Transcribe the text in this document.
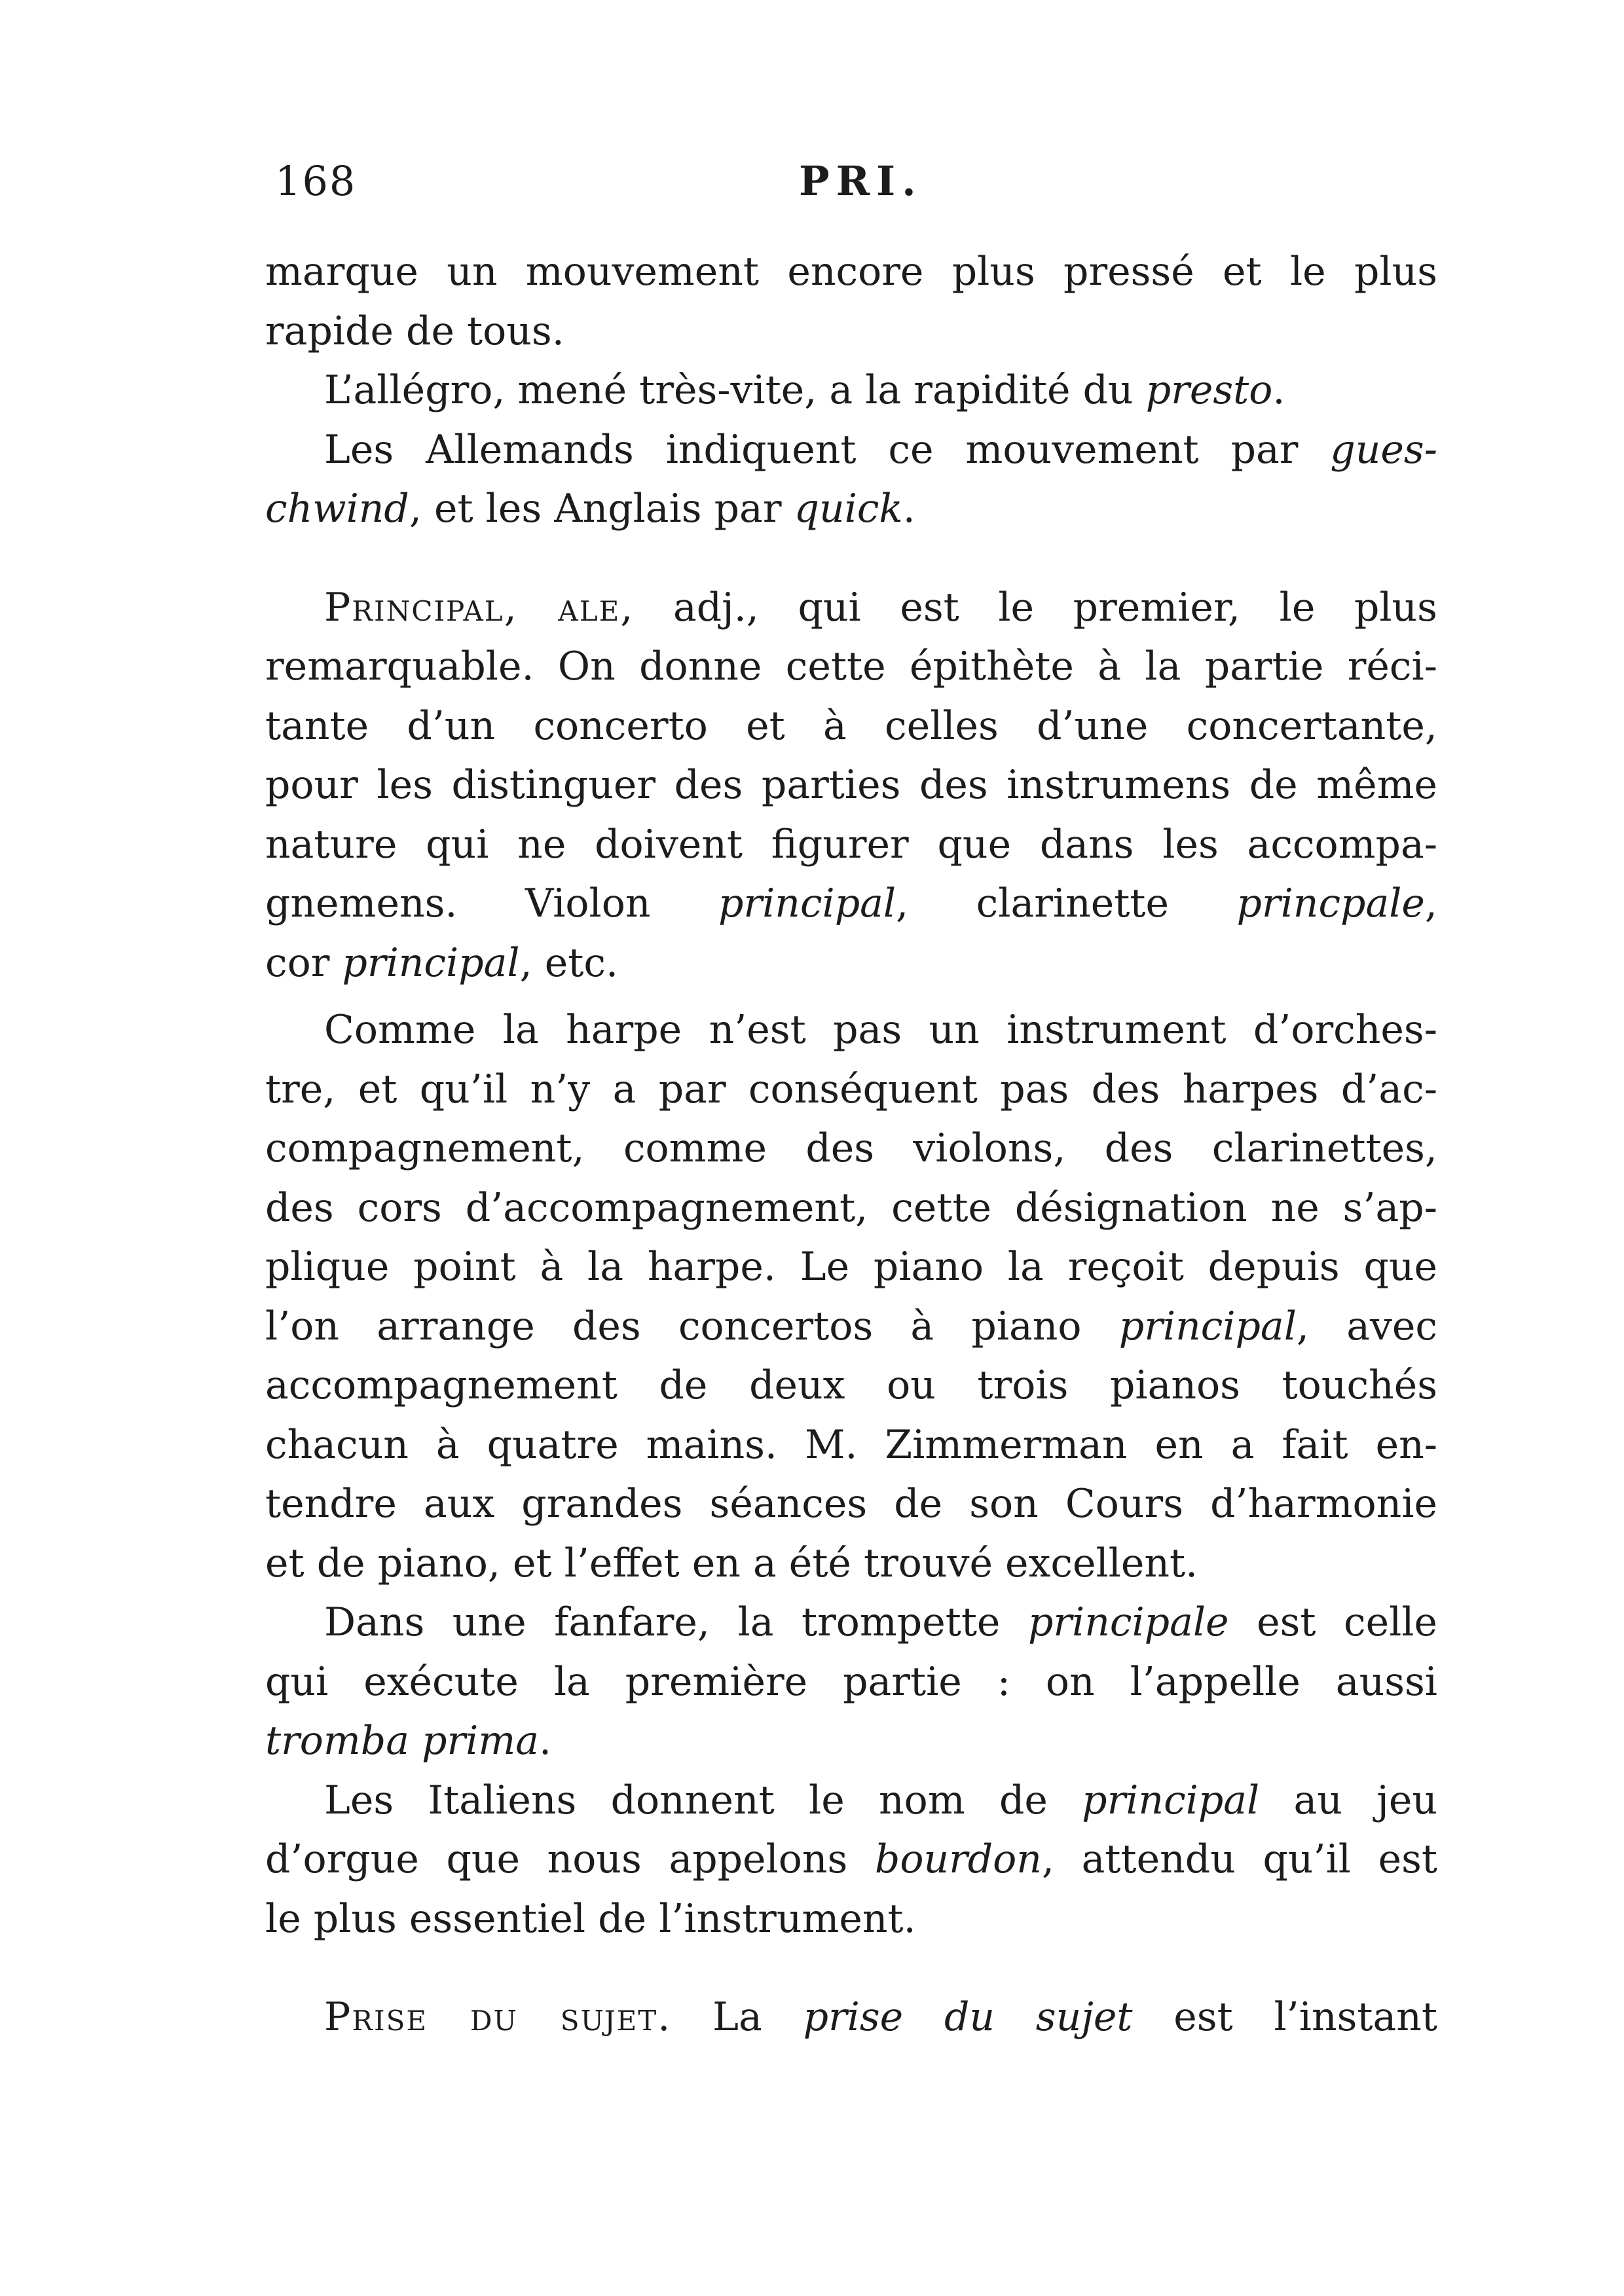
168	PRI.
marque un mouvement encore plus pressé et le plus
rapide de tous.
L’allégro, mené très-vite, a la rapidité du presto.
Les Allemands indiquent ce mouvement par gues-
chwind, et les Anglais par quick.
Principal, ale, adj., qui est le premier, le plus
remarquable. On donne cette épithète à la partie réci-
tante d’un concerto et à celles d’une concertante,
pour les distinguer des parties des instrumens de même
nature qui ne doivent figurer que dans les accompa-
gnemens. Violon principal, clarinette princpale,
cor principal, etc.
Comme la harpe n’est pas un instrument d’orches-
tre, et qu’il n’y a par conséquent pas des harpes d’ac-
compagnement, comme des violons, des clarinettes,
des cors d’accompagnement, cette désignation ne s’ap-
plique point à la harpe. Le piano la reçoit depuis que
l’on arrange des concertos à piano principal, avec
accompagnement de deux ou trois pianos touchés
chacun à quatre mains. M. Zimmerman en a fait en-
tendre aux grandes séances de son Cours d’harmonie
et de piano, et l’effet en a été trouvé excellent.
Dans une fanfare, la trompette principale est celle
qui exécute la première partie : on l’appelle aussi
tromba prima.
Les Italiens donnent le nom de principal au jeu
d’orgue que nous appelons bourdon, attendu qu’il est
le plus essentiel de l’instrument.
Prise du sujet. La prise du sujet est l’instant
